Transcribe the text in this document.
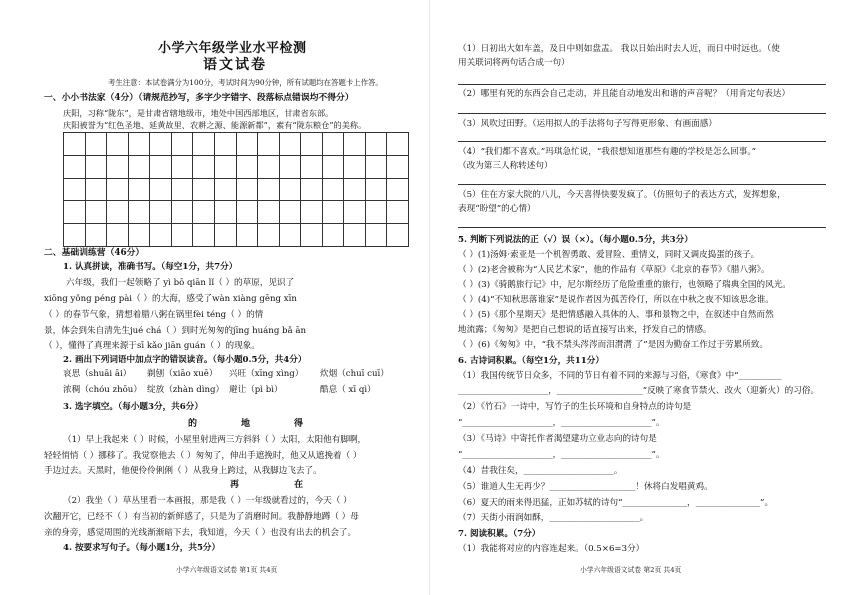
小学六年级学业水平检测
语文试卷
考生注意：本试卷满分为100分，考试时间为90分钟，所有试题均在答题卡上作答。
一、小小书法家（4分）（请规范抄写，多字少字错字、段落标点错误均不得分）
庆阳，习称“陇东”，是甘肃省辖地级市，地处中国西部地区，甘肃省东部。
庆阳被誉为“红色圣地、延黄故里、农耕之源、能源新都”，素有“陇东粮仓”的美称。
二、基础训练营（46分）
1. 认真拼读，准确书写。（每空1分，共7分）
六年级，我们一起领略了 yì bō qiān lǐ（ ）的草原，见识了
xiōng yǒng péng pài（ ）的大海，感受了wàn xiàng gēng xīn
（ ）的春节气象，猜想着腊八粥在锅里fèi téng（ ）的情
景，体会到朱自清先生jué chá（ ）到时光匆匆的jīng huáng bǎ ān
（ ），懂得了真理来源于sī kǎo jiān guán（ ）的现象。
2. 画出下列词语中加点字的错误读音。（每小题0.5分，共4分）
哀思（shuāi āi） 剃刨（xiāo xuē） 兴旺（xīng xìng） 炊烟（chuī cuī）
浓稠（chóu zhōu） 绽放（zhàn dìng） 避让（pì bì）	酷息（ xī qì）
3. 选字填空。（每小题3分，共6分）
的	地	得
（1）早上我起来（ ）时候，小屋里射进两三方斜斜（ ）太阳，太阳他有脚啊，
轻轻悄悄（ ）挪移了。我觉察他去（ ）匆匆了，伸出手遮挽时，他又从遮挽着（ ）
手边过去。天黑时，他便伶伶俐俐（ ）从我身上跨过，从我脚边飞去了。
再	在
（2）我坐（ ）草丛里看一本画报，那是我（ ）一年级就看过的，今天（ ）
次翻开它，已经不（ ）有当初的新鲜感了，只是为了消磨时间。我静静地蹲（ ）母
亲的身旁，感觉周围的光线渐渐暗下去，我知道，今天（ ）也没有出去的机会了。
4. 按要求写句子。（每小题1分，共5分）
小学六年级语文试卷 第1页 共4页
（1）日初出大如车盖，及日中则如盘盂。 我以日始出时去人近，而日中时远也。（使
用关联词将两句话合成一句）
（2）哪里有死的东西会自己走动，并且能自动地发出和谐的声音呢？（用肯定句表达）
（3）风吹过田野。（运用拟人的手法将句子写得更形象、有画面感）
（4）“我们都不喜欢。”玛琪急忙说，“我很想知道那些有趣的学校是怎么回事。”
（改为第三人称转述句）
（5）住在方家大院的八儿，今天喜得快要发疯了。（仿照句子的表达方式，发挥想象，
表现“盼望”的心情）
5. 判断下列说法的正（√）误（×）。（每小题0.5分，共3分）
（ ）(1)汤姆·索亚是一个机智勇敢、爱冒险、重情义，同时又调皮捣蛋的孩子。
（ ）(2)老舍被称为“人民艺术家”，他的作品有《草原》《北京的春节》《腊八粥》。
（ ）(3)《骑鹅旅行记》中，尼尔斯经历了危险重重的旅行，也领略了瑞典全国的风光。
（ ）(4)“不知秋思落谁家”是说作者因为孤苦伶仃，所以在中秋之夜不知该思念谁。
（ ）(5)《那个星期天》是把情感融入具体的人、事和景物之中，在叙述中自然而然
地流露；《匆匆》是把自己想说的话直接写出来，抒发自己的情感。
（ ）(6)《匆匆》中，“我不禁头涔涔而泪潸潸 了”是因为勤奋工作过于劳累所致。
6. 古诗词积累。（每空1分，共11分）
（1）我国传统节日众多，不同的节日有着不同的来源与习俗，《寒食》中“__________
_____________________，____________________”反映了寒食节禁火、改火（迎新火）的习俗。
（2）《竹石》一诗中，写竹子的生长环境和自身特点的诗句是
“_____________________，_____________________”。
（3）《马诗》中寄托作者渴望建功立业志向的诗句是
“_____________________，_____________________”。
（4）昔我往矣，_____________________。
（5）谁道人生无再少？____________________！休将白发唱黄鸡。
（6）夏天的雨来得迅猛，正如苏轼的诗句“_______________，_______________”。
（7）天街小雨润如酥，_____________________。
7. 阅读积累。（7分）
（1）我能将对应的内容连起来。（0.5×6=3分）
小学六年级语文试卷 第2页 共4页
